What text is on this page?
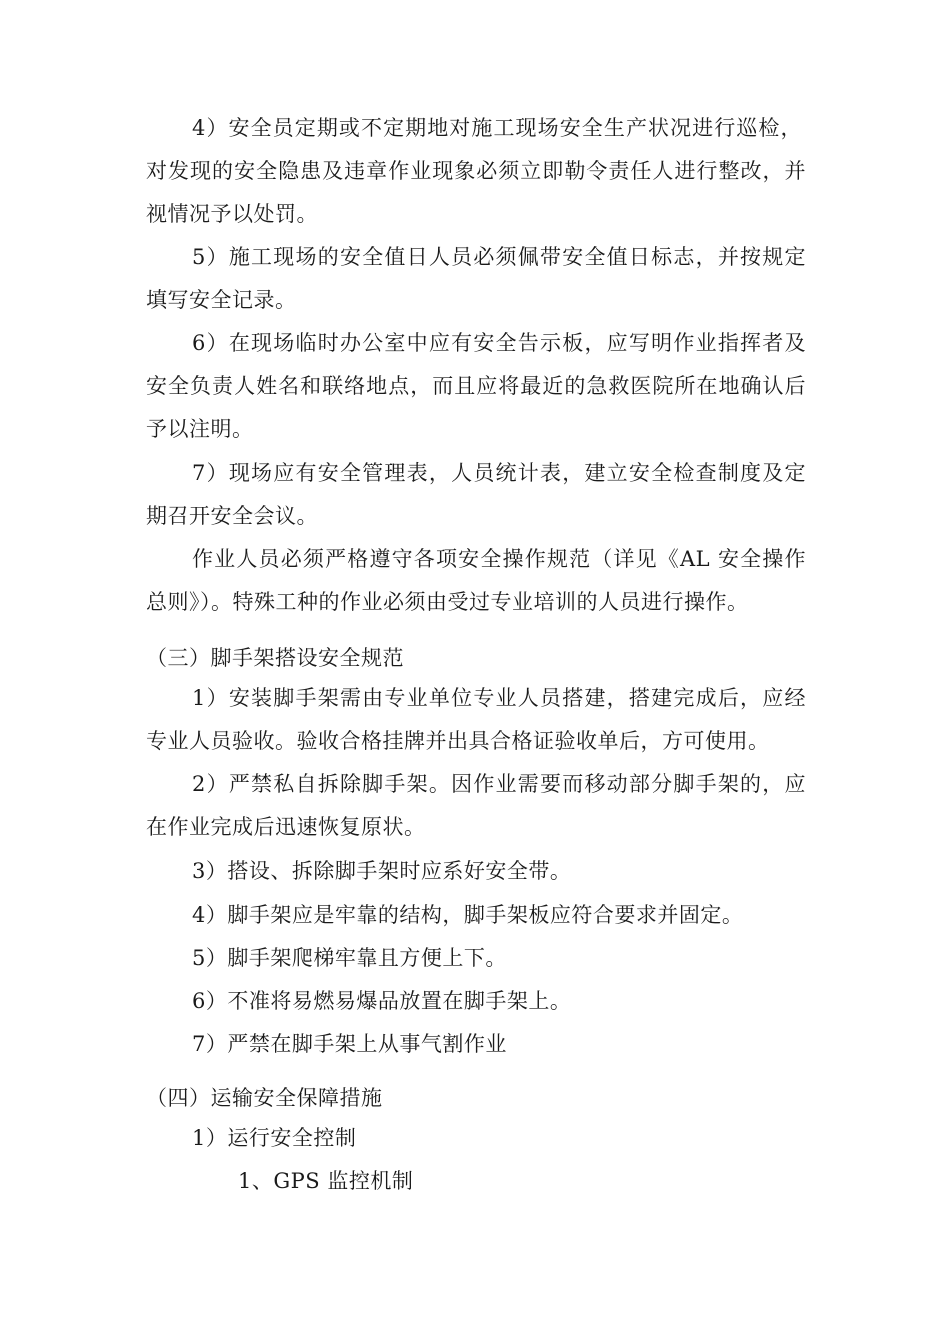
4）安全员定期或不定期地对施工现场安全生产状况进行巡检，
对发现的安全隐患及违章作业现象必须立即勒令责任人进行整改，并
视情况予以处罚。
5）施工现场的安全值日人员必须佩带安全值日标志，并按规定
填写安全记录。
6）在现场临时办公室中应有安全告示板，应写明作业指挥者及
安全负责人姓名和联络地点，而且应将最近的急救医院所在地确认后
予以注明。
7）现场应有安全管理表，人员统计表，建立安全检查制度及定
期召开安全会议。
作业人员必须严格遵守各项安全操作规范（详见《AL 安全操作
总则》）。特殊工种的作业必须由受过专业培训的人员进行操作。
（三）脚手架搭设安全规范
1）安装脚手架需由专业单位专业人员搭建，搭建完成后，应经
专业人员验收。验收合格挂牌并出具合格证验收单后，方可使用。
2）严禁私自拆除脚手架。因作业需要而移动部分脚手架的，应
在作业完成后迅速恢复原状。
3）搭设、拆除脚手架时应系好安全带。
4）脚手架应是牢靠的结构，脚手架板应符合要求并固定。
5）脚手架爬梯牢靠且方便上下。
6）不准将易燃易爆品放置在脚手架上。
7）严禁在脚手架上从事气割作业
（四）运输安全保障措施
1）运行安全控制
1、GPS 监控机制
